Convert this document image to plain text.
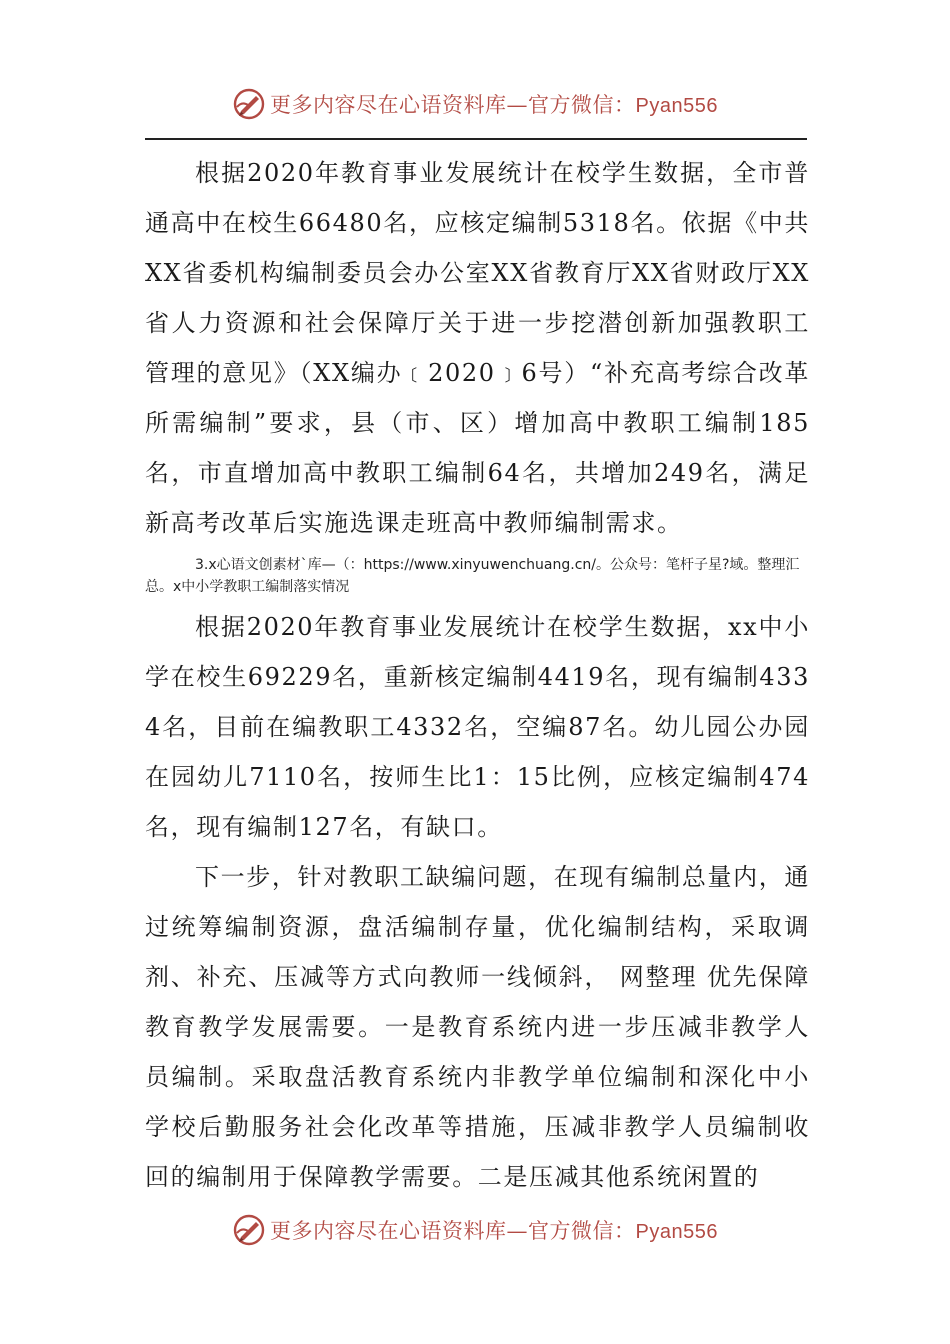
更多内容尽在心语资料库—官方微信：Pyan556

根据2020年教育事业发展统计在校学生数据，全市普通高中在校生66480名，应核定编制5318名。依据《中共XX省委机构编制委员会办公室XX省教育厅XX省财政厅XX省人力资源和社会保障厅关于进一步挖潜创新加强教职工管理的意见》（XX编办﹝2020﹞6号）“补充高考综合改革所需编制”要求，县（市、区）增加高中教职工编制185名，市直增加高中教职工编制64名，共增加249名，满足新高考改革后实施选课走班高中教师编制需求。

3.x心语文创素材`库—（：https://www.xinyuwenchuang.cn/。公众号：笔杆子星?域。整理汇总。x中小学教职工编制落实情况

根据2020年教育事业发展统计在校学生数据，xx中小学在校生69229名，重新核定编制4419名，现有编制4334名，目前在编教职工4332名，空编87名。幼儿园公办园在园幼儿7110名，按师生比1：15比例，应核定编制474名，现有编制127名，有缺口。

下一步，针对教职工缺编问题，在现有编制总量内，通过统筹编制资源，盘活编制存量，优化编制结构，采取调剂、补充、压减等方式向教师一线倾斜， 网整理 优先保障教育教学发展需要。一是教育系统内进一步压减非教学人员编制。采取盘活教育系统内非教学单位编制和深化中小学校后勤服务社会化改革等措施，压减非教学人员编制收回的编制用于保障教学需要。二是压减其他系统闲置的

更多内容尽在心语资料库—官方微信：Pyan556
